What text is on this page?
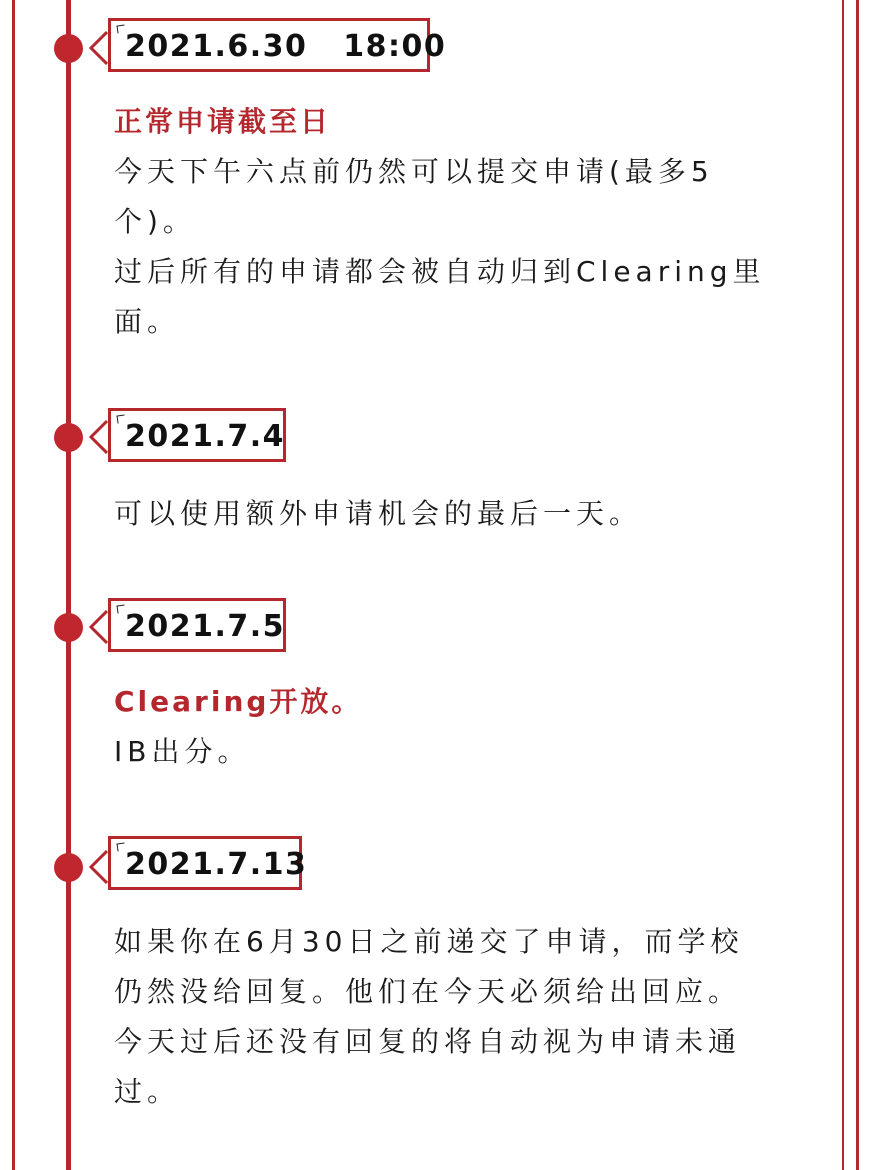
2021.6.30   18:00
正常申请截至日
今天下午六点前仍然可以提交申请(最多5
个)。
过后所有的申请都会被自动归到Clearing里
面。
2021.7.4
可以使用额外申请机会的最后一天。
2021.7.5
Clearing开放。
IB出分。
2021.7.13
如果你在6月30日之前递交了申请，而学校
仍然没给回复。他们在今天必须给出回应。
今天过后还没有回复的将自动视为申请未通
过。
